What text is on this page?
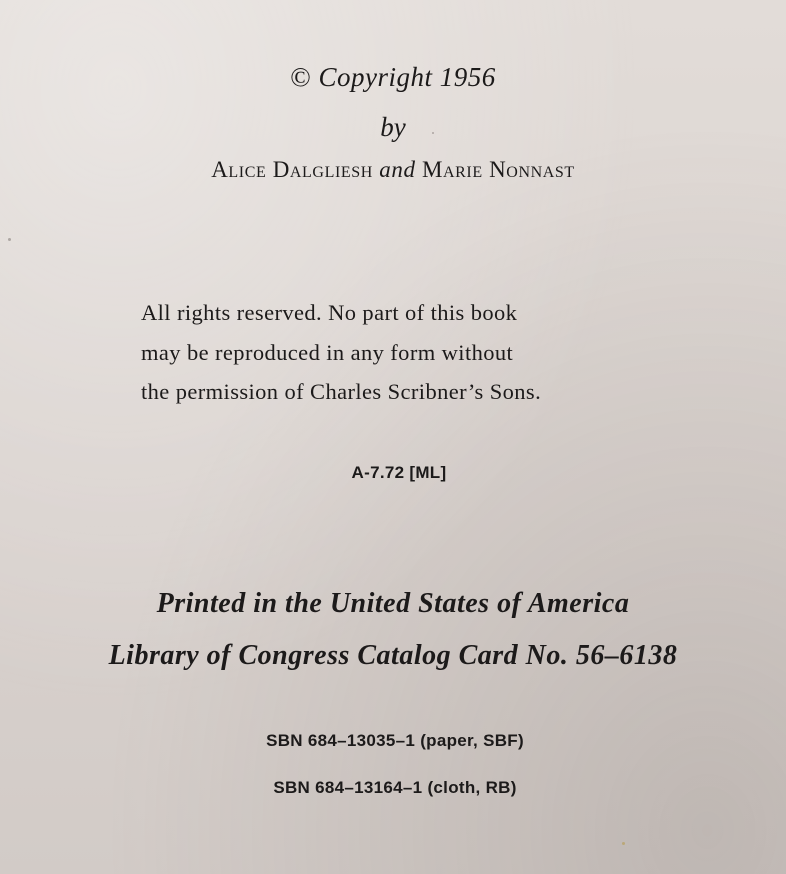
© Copyright 1956
by
Alice Dalgliesh and Marie Nonnast
All rights reserved. No part of this book
may be reproduced in any form without
the permission of Charles Scribner’s Sons.
A-7.72 [ML]
Printed in the United States of America
Library of Congress Catalog Card No. 56–6138
SBN 684–13035–1 (paper, SBF)
SBN 684–13164–1 (cloth, RB)
